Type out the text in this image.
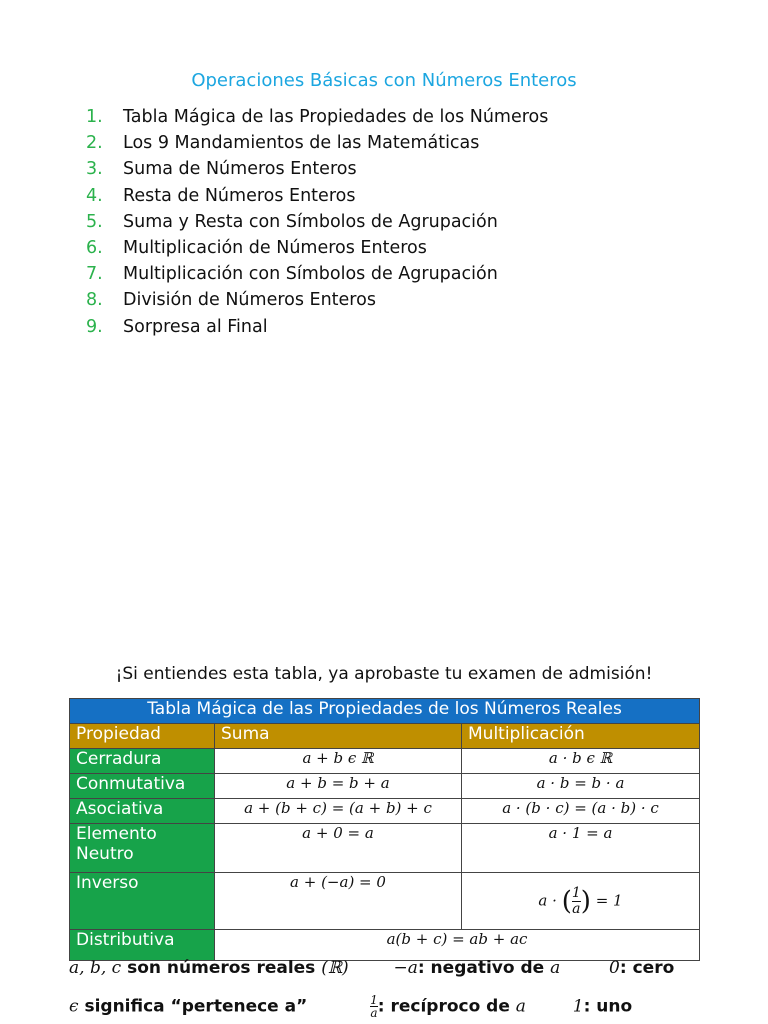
Operaciones Básicas con Números Enteros
1.	Tabla Mágica de las Propiedades de los Números
2.	Los 9 Mandamientos de las Matemáticas
3.	Suma de Números Enteros
4.	Resta de Números Enteros
5.	Suma y Resta con Símbolos de Agrupación
6.	Multiplicación de Números Enteros
7.	Multiplicación con Símbolos de Agrupación
8.	División de Números Enteros
9.	Sorpresa al Final
¡Si entiendes esta tabla, ya aprobaste tu examen de admisión!
Tabla Mágica de las Propiedades de los Números Reales		
Propiedad	Suma	Multiplicación
Cerradura	a + b ϵ ℝ	a · b ϵ ℝ
Conmutativa	a + b = b + a	a · b = b · a
Asociativa	a + (b + c) = (a + b) + c	a · (b · c) = (a · b) · c
Elemento
Neutro	a + 0 = a	a · 1 = a
Inverso	a + (−a) = 0	a · ( $\frac{1}{a}$ ) = 1
Distributiva	a(b + c) = ab + ac	
a, b, c son números reales (ℝ)	−a: negativo de a	0: cero
ϵ significa “pertenece a”	$\frac{1}{a}$ : recíproco de a	1: uno
